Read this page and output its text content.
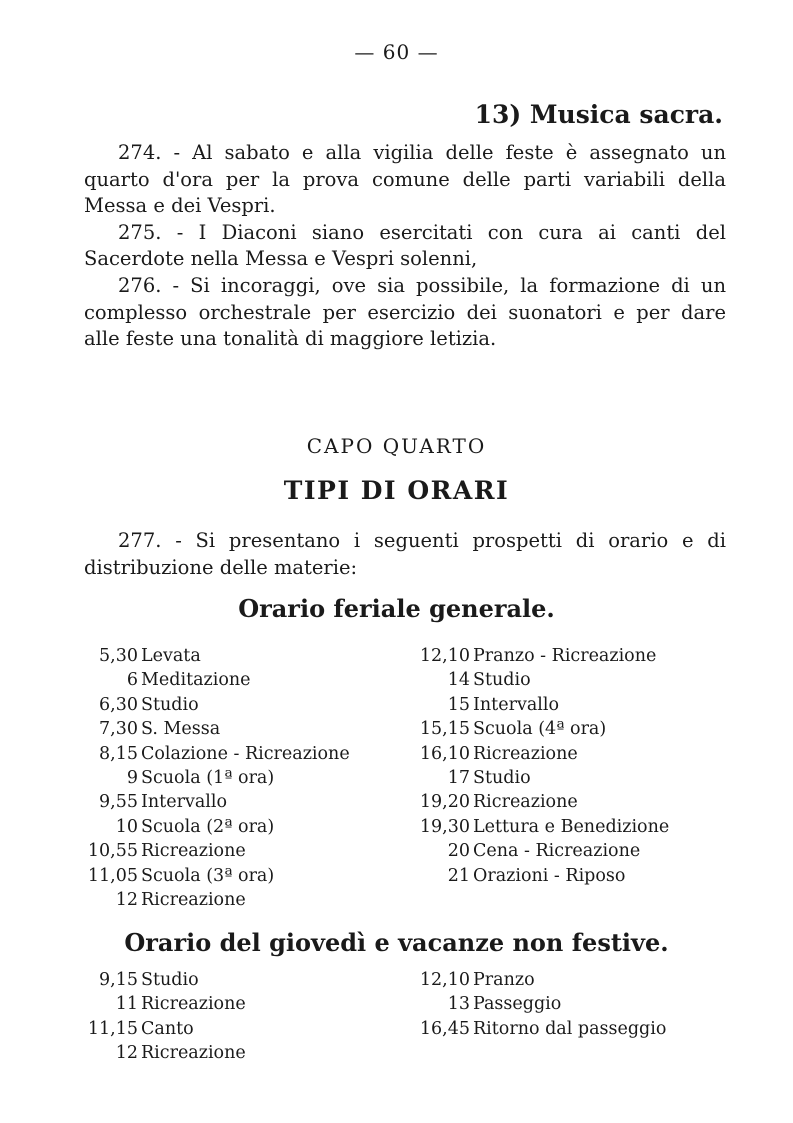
— 60 —
13) Musica sacra.

274. - Al sabato e alla vigilia delle feste è assegnato un quarto d'ora per la prova comune delle parti variabili della Messa e dei Vespri.

275. - I Diaconi siano esercitati con cura ai canti del Sacerdote nella Messa e Vespri solenni,

276. - Si incoraggi, ove sia possibile, la formazione di un complesso orchestrale per esercizio dei suonatori e per dare alle feste una tonalità di maggiore letizia.

CAPO QUARTO
TIPI DI ORARI

277. - Si presentano i seguenti prospetti di orario e di distribuzione delle materie:

Orario feriale generale.
5,30 Levata
6 Meditazione
6,30 Studio
7,30 S. Messa
8,15 Colazione - Ricreazione
9 Scuola (1ª ora)
9,55 Intervallo
10 Scuola (2ª ora)
10,55 Ricreazione
11,05 Scuola (3ª ora)
12 Ricreazione
12,10 Pranzo - Ricreazione
14 Studio
15 Intervallo
15,15 Scuola (4ª ora)
16,10 Ricreazione
17 Studio
19,20 Ricreazione
19,30 Lettura e Benedizione
20 Cena - Ricreazione
21 Orazioni - Riposo
Orario del giovedì e vacanze non festive.
9,15 Studio
11 Ricreazione
11,15 Canto
12 Ricreazione
12,10 Pranzo
13 Passeggio
16,45 Ritorno dal passeggio
